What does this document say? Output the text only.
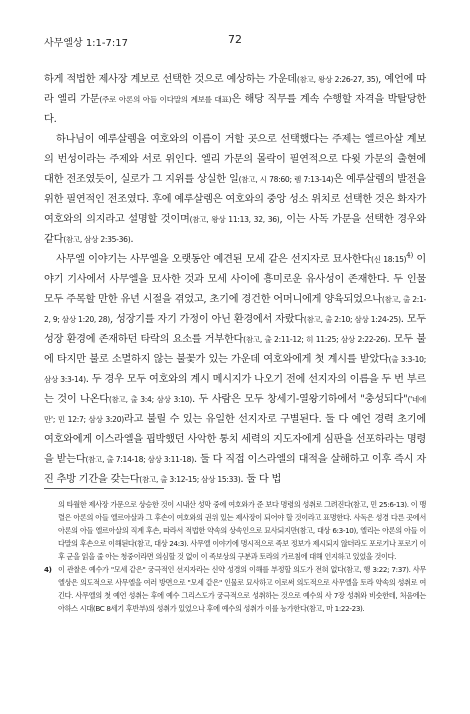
사무엘상 1:1-7:17	72

하게 적법한 제사장 계보로 선택한 것으로 예상하는 가운데(참고, 왕상 2:26-27, 35), 예언에 따라 엘리 가문(주로 아론의 아들 이다말의 계보를 대표)은 해당 직무를 계속 수행할 자격을 박탈당한다.

하나님이 예루살렘을 여호와의 이름이 거할 곳으로 선택했다는 주제는 엘르아살 계보의 번성이라는 주제와 서로 위인다. 엘리 가문의 몰락이 필연적으로 다윗 가문의 출현에 대한 전조였듯이, 실로가 그 지위를 상실한 일(참고, 시 78:60; 렘 7:13-14)은 예루살렘의 발전을 위한 필연적인 전조였다. 후에 예루살렘은 여호와의 중앙 성소 위치로 선택한 것은 화자가 여호와의 의지라고 설명할 것이며(참고, 왕상 11:13, 32, 36), 이는 사독 가문을 선택한 경우와 같다(참고, 삼상 2:35-36).

사무엘 이야기는 사무엘을 오랫동안 예견된 모세 같은 선지자로 묘사한다(신 18:15)$^{4)}$ 이야기 기사에서 사무엘을 묘사한 것과 모세 사이에 흥미로운 유사성이 존재한다. 두 인물 모두 주목할 만한 유년 시절을 겪었고, 초기에 경건한 어머니에게 양육되었으나(참고, 출 2:1-2, 9; 삼상 1:20, 28), 성장기를 자기 가정이 아닌 환경에서 자랐다(참고, 출 2:10; 삼상 1:24-25). 모두 성장 환경에 존재하던 타락의 요소를 거부한다(참고, 출 2:11-12; 히 11:25; 삼상 2:22-26). 모두 불에 타지만 불로 소멸하지 않는 불꽃가 있는 가운데 여호와에게 첫 계시를 받았다(출 3:3-10; 삼상 3:3-14). 두 경우 모두 여호와의 계시 메시지가 나오기 전에 선지자의 이름을 두 번 부르는 것이 나온다(참고, 출 3:4; 삼상 3:10). 두 사람은 모두 창세기-열왕기하에서 "충성되다"('네에만'; 민 12:7; 삼상 3:20)라고 불릴 수 있는 유일한 선지자로 구별된다. 둘 다 예언 경력 초기에 여호와에게 이스라엘을 핍박했던 사악한 통치 세력의 지도자에게 심판을 선포하라는 명령을 받는다(참고, 출 7:14-18; 삼상 3:11-18). 둘 다 직접 이스라엘의 대적을 살해하고 이후 즉시 자진 추방 기간을 갖는다(참고, 출 3:12-15; 삼상 15:33). 둘 다 법

의 타월한 제사장 가문으로 상승한 것이 시내산 성막 중에 여호와가 준 보다 명령의 성취로 그려진다(참고, 민 25:6-13). 이 맹렬은 아론의 아들 엘르아살과 그 후손이 여호와의 권위 있는 제사장이 되어야 할 것이라고 표명한다. 사독은 성경 다른 곳에서 아론의 아들 엘르아살의 직계 후손, 따라서 적법한 약속의 상속인으로 묘사되지만(참고, 대상 6:3-10), 엘리는 아론의 아들 이다말의 후손으로 이해된다(참고, 대상 24:3). 사무엘 이야기에 명시적으로 족보 정보가 제시되지 않더라도 포로기나 포로기 이후 군을 읽을 줄 아는 청중이라면 의심할 것 없이 이 족보상의 구분과 토라의 가르침에 대해 인지하고 있었을 것이다.

4) 이 관찰은 예수가 "모세 같은" 궁극적인 선지자라는 신약 성경의 이해를 부정할 의도가 전혀 없다(참고, 행 3:22; 7:37). 사무엘상은 의도적으로 사무엘을 여러 방면으로 "모세 같은" 인물로 묘사하고 이로써 의도적으로 사무엘을 토라 약속의 성취로 여긴다. 사무엘의 첫 예언 성취는 후에 예수 그리스도가 궁극적으로 성취하는 것으로 예수의 사 7장 성취와 비슷한데, 처음에는 아하스 시대(BC 8세기 후반부)의 성취가 있었으나 후에 예수의 성취가 이를 능가한다(참고, 마 1:22-23).
